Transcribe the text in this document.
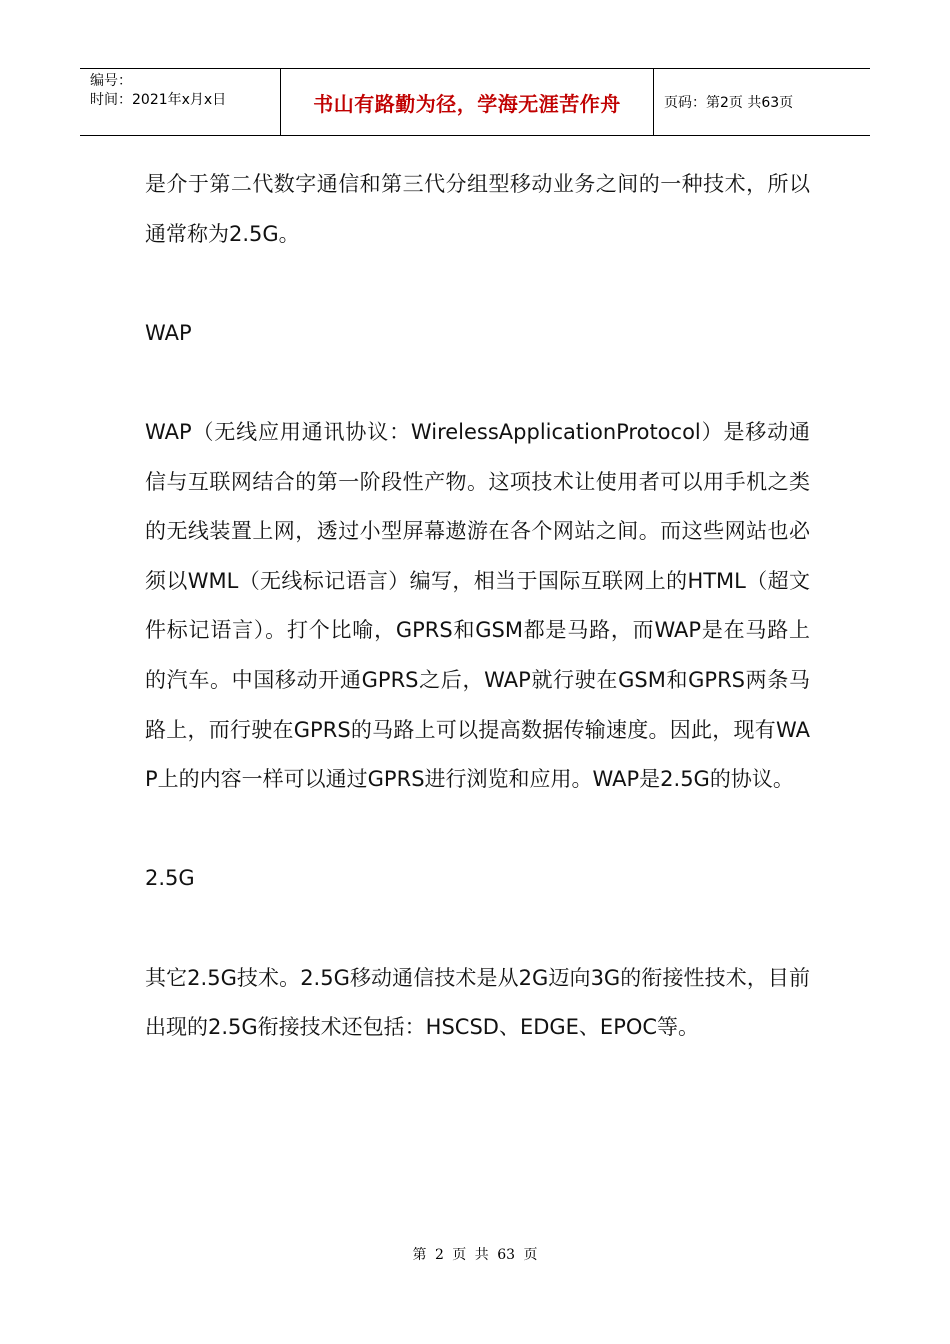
编号：
时间：2021年x月x日	书山有路勤为径，学海无涯苦作舟	页码：第2页 共63页

是介于第二代数字通信和第三代分组型移动业务之间的一种技术，所以通常称为2.5G。

WAP

WAP（无线应用通讯协议：WirelessApplicationProtocol）是移动通信与互联网结合的第一阶段性产物。这项技术让使用者可以用手机之类的无线装置上网，透过小型屏幕遨游在各个网站之间。而这些网站也必须以WML（无线标记语言）编写，相当于国际互联网上的HTML（超文件标记语言）。打个比喻，GPRS和GSM都是马路，而WAP是在马路上的汽车。中国移动开通GPRS之后，WAP就行驶在GSM和GPRS两条马路上，而行驶在GPRS的马路上可以提高数据传输速度。因此，现有WAP上的内容一样可以通过GPRS进行浏览和应用。WAP是2.5G的协议。

2.5G

其它2.5G技术。2.5G移动通信技术是从2G迈向3G的衔接性技术，目前出现的2.5G衔接技术还包括：HSCSD、EDGE、EPOC等。

第 2 页 共 63 页
